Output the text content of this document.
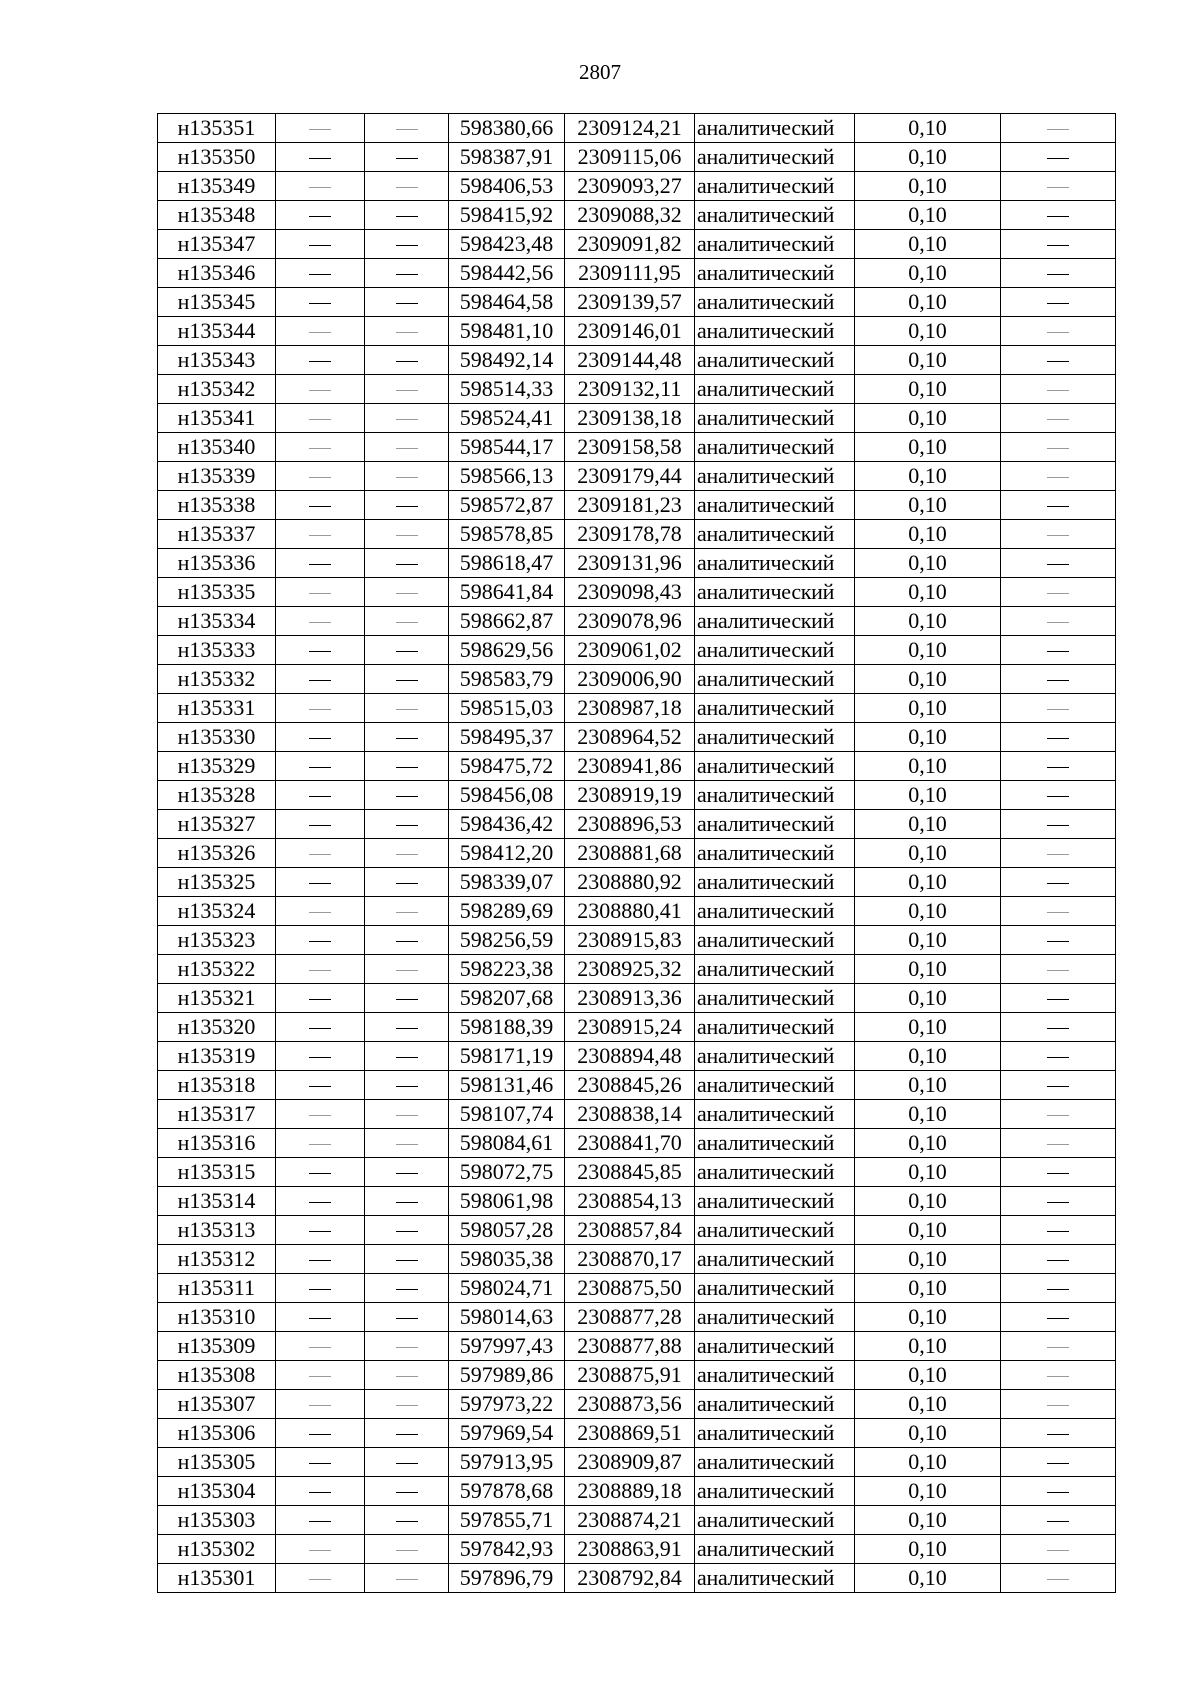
2807
н135351			598380,66	2309124,21	аналитический	0,10	
н135350			598387,91	2309115,06	аналитический	0,10	
н135349			598406,53	2309093,27	аналитический	0,10	
н135348			598415,92	2309088,32	аналитический	0,10	
н135347			598423,48	2309091,82	аналитический	0,10	
н135346			598442,56	2309111,95	аналитический	0,10	
н135345			598464,58	2309139,57	аналитический	0,10	
н135344			598481,10	2309146,01	аналитический	0,10	
н135343			598492,14	2309144,48	аналитический	0,10	
н135342			598514,33	2309132,11	аналитический	0,10	
н135341			598524,41	2309138,18	аналитический	0,10	
н135340			598544,17	2309158,58	аналитический	0,10	
н135339			598566,13	2309179,44	аналитический	0,10	
н135338			598572,87	2309181,23	аналитический	0,10	
н135337			598578,85	2309178,78	аналитический	0,10	
н135336			598618,47	2309131,96	аналитический	0,10	
н135335			598641,84	2309098,43	аналитический	0,10	
н135334			598662,87	2309078,96	аналитический	0,10	
н135333			598629,56	2309061,02	аналитический	0,10	
н135332			598583,79	2309006,90	аналитический	0,10	
н135331			598515,03	2308987,18	аналитический	0,10	
н135330			598495,37	2308964,52	аналитический	0,10	
н135329			598475,72	2308941,86	аналитический	0,10	
н135328			598456,08	2308919,19	аналитический	0,10	
н135327			598436,42	2308896,53	аналитический	0,10	
н135326			598412,20	2308881,68	аналитический	0,10	
н135325			598339,07	2308880,92	аналитический	0,10	
н135324			598289,69	2308880,41	аналитический	0,10	
н135323			598256,59	2308915,83	аналитический	0,10	
н135322			598223,38	2308925,32	аналитический	0,10	
н135321			598207,68	2308913,36	аналитический	0,10	
н135320			598188,39	2308915,24	аналитический	0,10	
н135319			598171,19	2308894,48	аналитический	0,10	
н135318			598131,46	2308845,26	аналитический	0,10	
н135317			598107,74	2308838,14	аналитический	0,10	
н135316			598084,61	2308841,70	аналитический	0,10	
н135315			598072,75	2308845,85	аналитический	0,10	
н135314			598061,98	2308854,13	аналитический	0,10	
н135313			598057,28	2308857,84	аналитический	0,10	
н135312			598035,38	2308870,17	аналитический	0,10	
н135311			598024,71	2308875,50	аналитический	0,10	
н135310			598014,63	2308877,28	аналитический	0,10	
н135309			597997,43	2308877,88	аналитический	0,10	
н135308			597989,86	2308875,91	аналитический	0,10	
н135307			597973,22	2308873,56	аналитический	0,10	
н135306			597969,54	2308869,51	аналитический	0,10	
н135305			597913,95	2308909,87	аналитический	0,10	
н135304			597878,68	2308889,18	аналитический	0,10	
н135303			597855,71	2308874,21	аналитический	0,10	
н135302			597842,93	2308863,91	аналитический	0,10	
н135301			597896,79	2308792,84	аналитический	0,10	
